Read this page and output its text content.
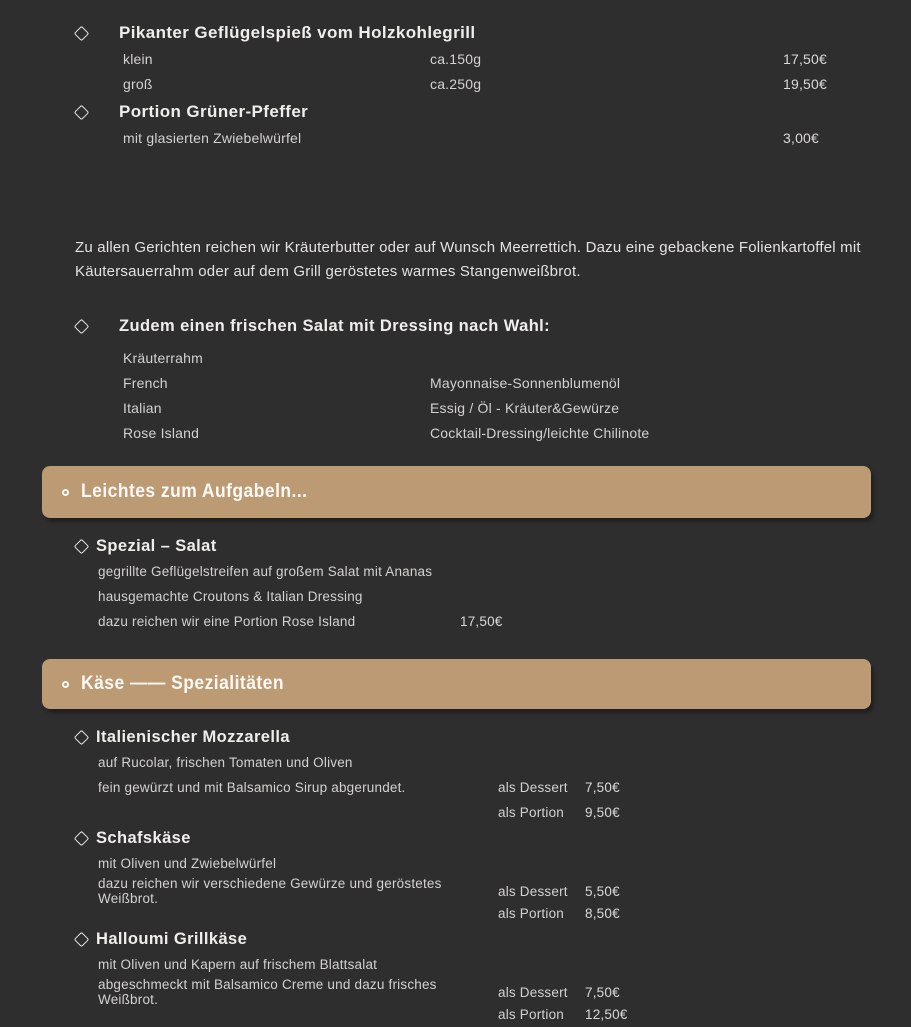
Pikanter Geflügelspieß vom Holzkohlegrill
klein	ca.150g	17,50€
groß	ca.250g	19,50€
Portion Grüner-Pfeffer
mit glasierten Zwiebelwürfel	3,00€

Zu allen Gerichten reichen wir Kräuterbutter oder auf Wunsch Meerrettich. Dazu eine gebackene Folienkartoffel mit Käutersauerrahm oder auf dem Grill geröstetes warmes Stangenweißbrot.

Zudem einen frischen Salat mit Dressing nach Wahl:
Kräuterrahm
French	Mayonnaise-Sonnenblumenöl
Italian	Essig / Öl - Kräuter&Gewürze
Rose Island	Cocktail-Dressing/leichte Chilinote
Leichtes zum Aufgabeln...
Spezial – Salat
gegrillte Geflügelstreifen auf großem Salat mit Ananas
hausgemachte Croutons & Italian Dressing
dazu reichen wir eine Portion Rose Island	17,50€
Käse —— Spezialitäten
Italienischer Mozzarella
auf Rucolar, frischen Tomaten und Oliven
fein gewürzt und mit Balsamico Sirup abgerundet.	als Dessert	7,50€
als Portion	9,50€
Schafskäse
mit Oliven und Zwiebelwürfel
dazu reichen wir verschiedene Gewürze und geröstetes Weißbrot.	als Dessert	5,50€
als Portion	8,50€
Halloumi Grillkäse
mit Oliven und Kapern auf frischem Blattsalat
abgeschmeckt mit Balsamico Creme und dazu frisches Weißbrot.	als Dessert	7,50€
als Portion	12,50€
